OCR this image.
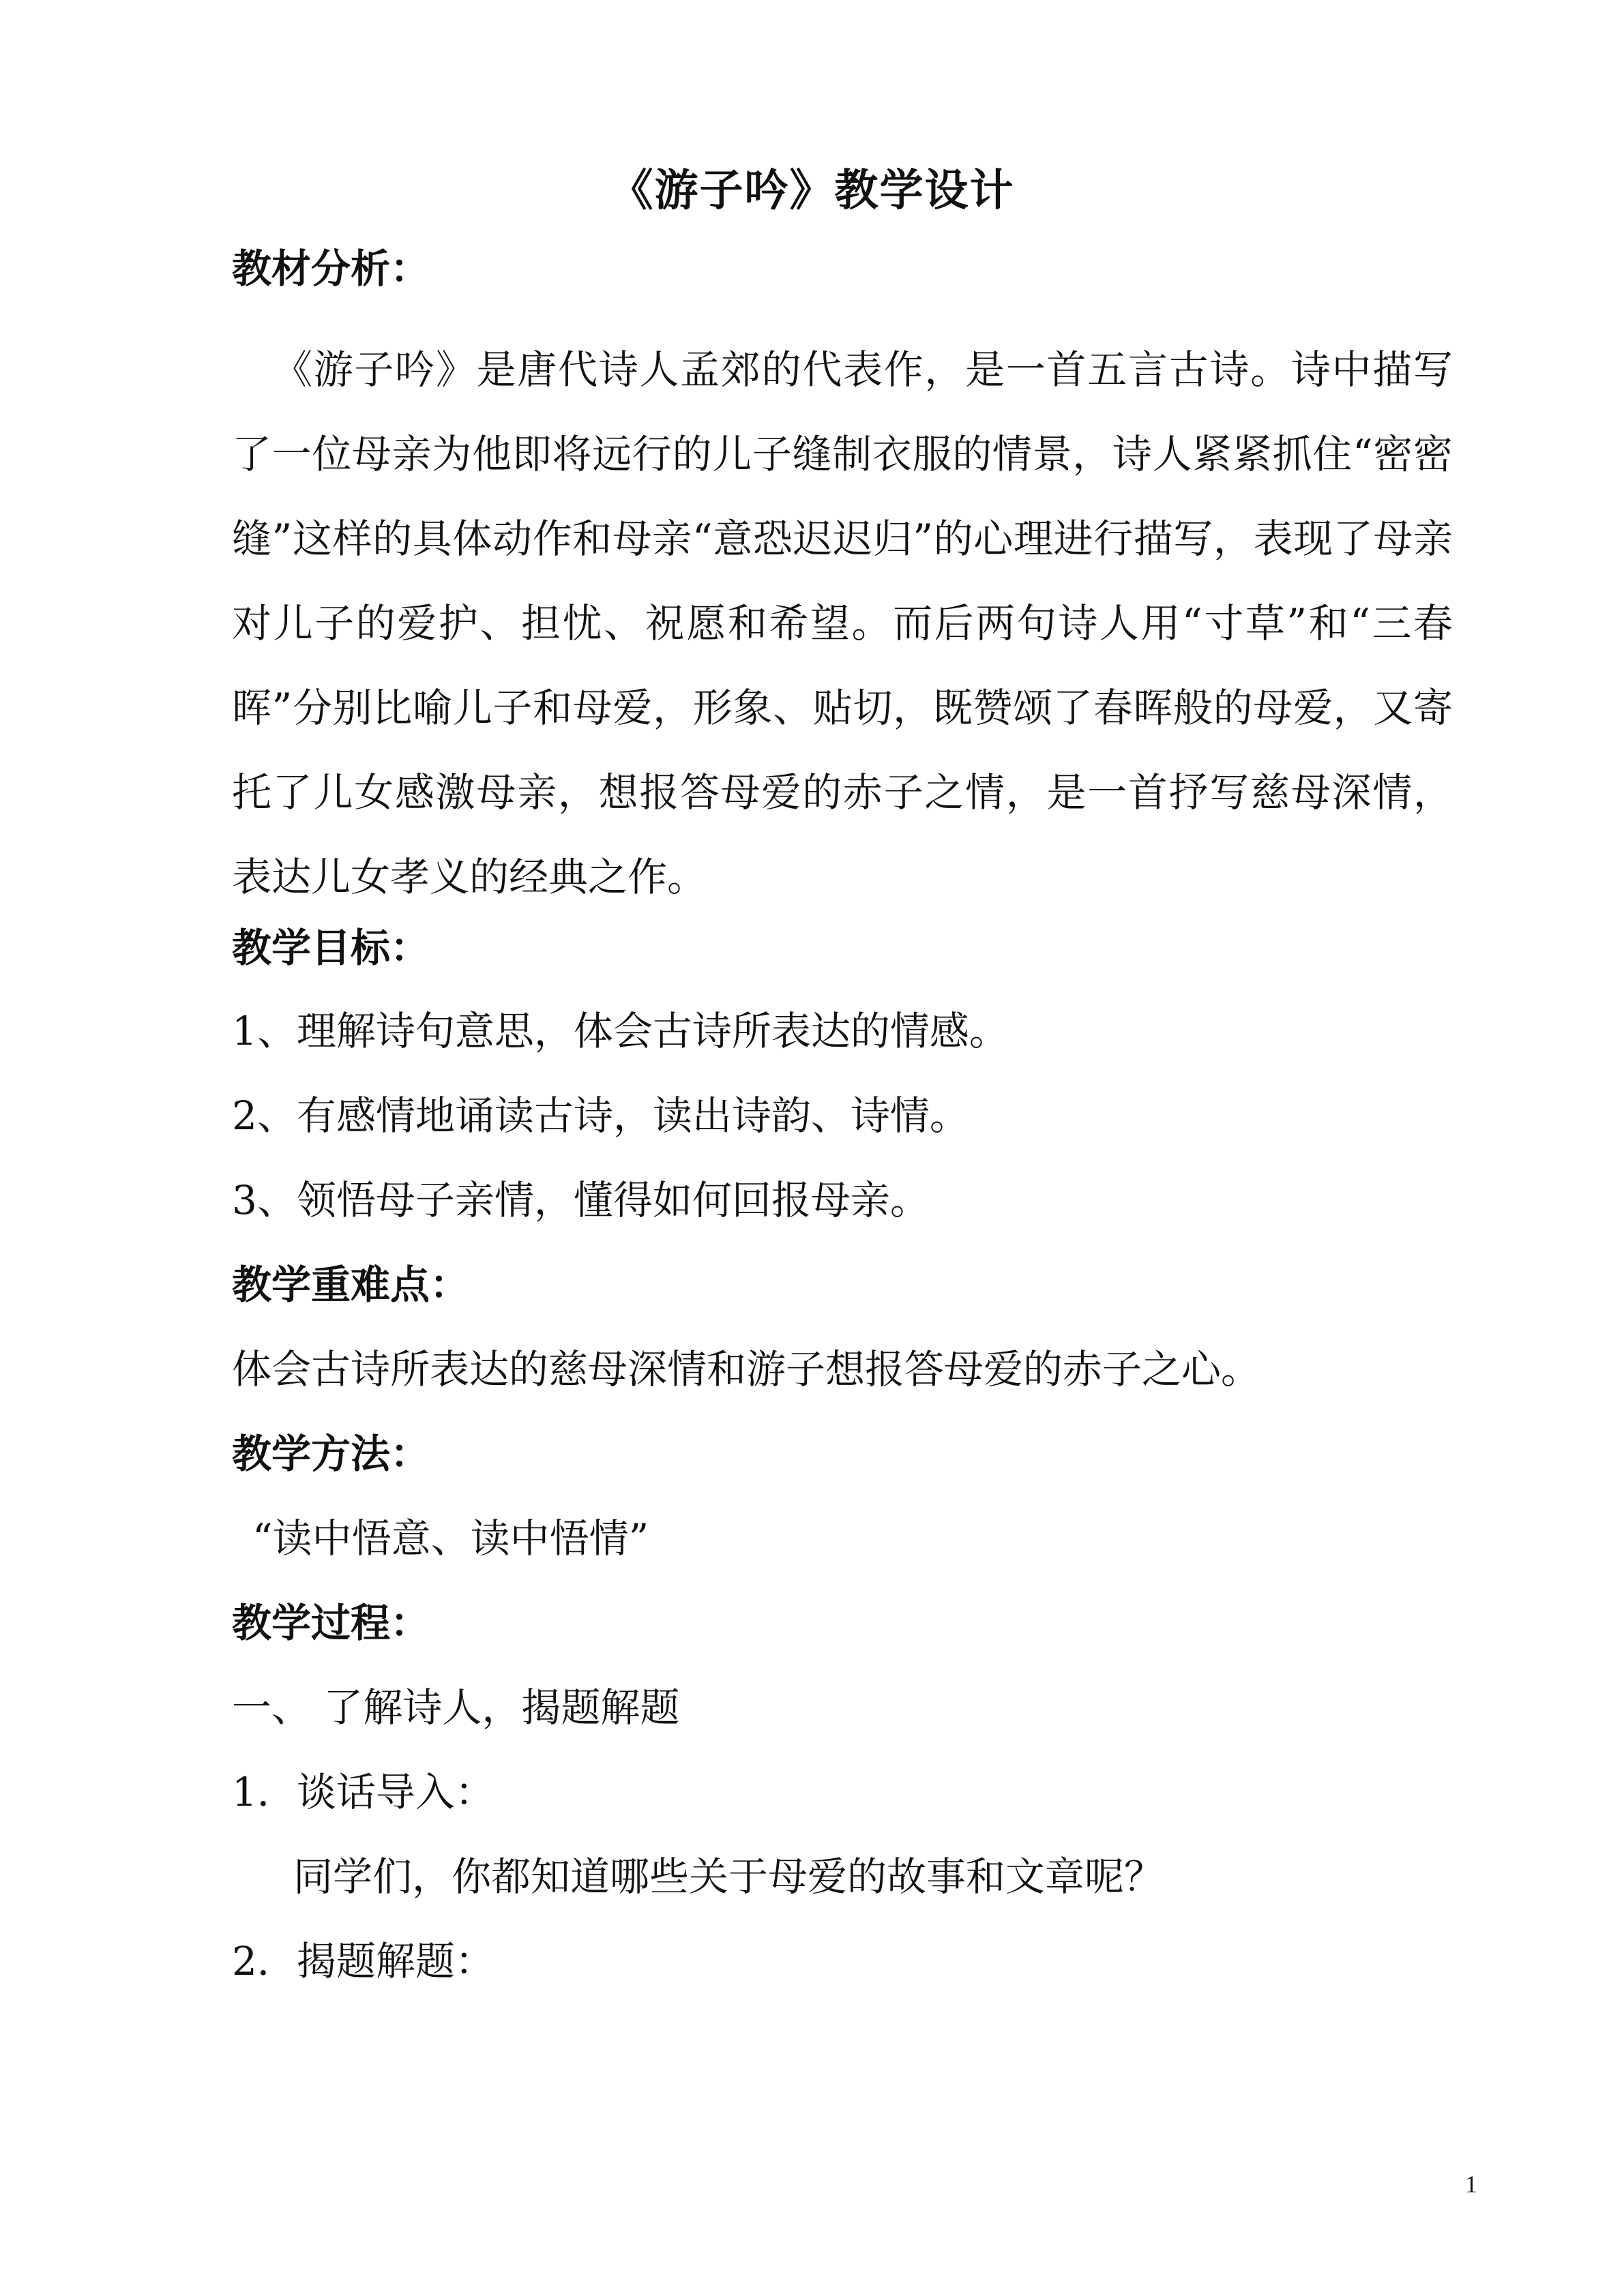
《游子吟》教学设计
教材分析：

《游子吟》是唐代诗人孟郊的代表作，是一首五言古诗。诗中描写了一位母亲为他即将远行的儿子缝制衣服的情景，诗人紧紧抓住“密密缝”这样的具体动作和母亲“意恐迟迟归”的心理进行描写，表现了母亲对儿子的爱护、担忧、祝愿和希望。而后两句诗人用“寸草”和“三春晖”分别比喻儿子和母爱，形象、贴切，既赞颂了春晖般的母爱，又寄托了儿女感激母亲，想报答母爱的赤子之情，是一首抒写慈母深情，表达儿女孝义的经典之作。

教学目标：
1、理解诗句意思，体会古诗所表达的情感。
2、有感情地诵读古诗，读出诗韵、诗情。
3、领悟母子亲情，懂得如何回报母亲。
教学重难点：
体会古诗所表达的慈母深情和游子想报答母爱的赤子之心。
教学方法：
“读中悟意、读中悟情”
教学过程：
一、 了解诗人，揭题解题
1．谈话导入：
同学们，你都知道哪些关于母爱的故事和文章呢？
2．揭题解题：
1
